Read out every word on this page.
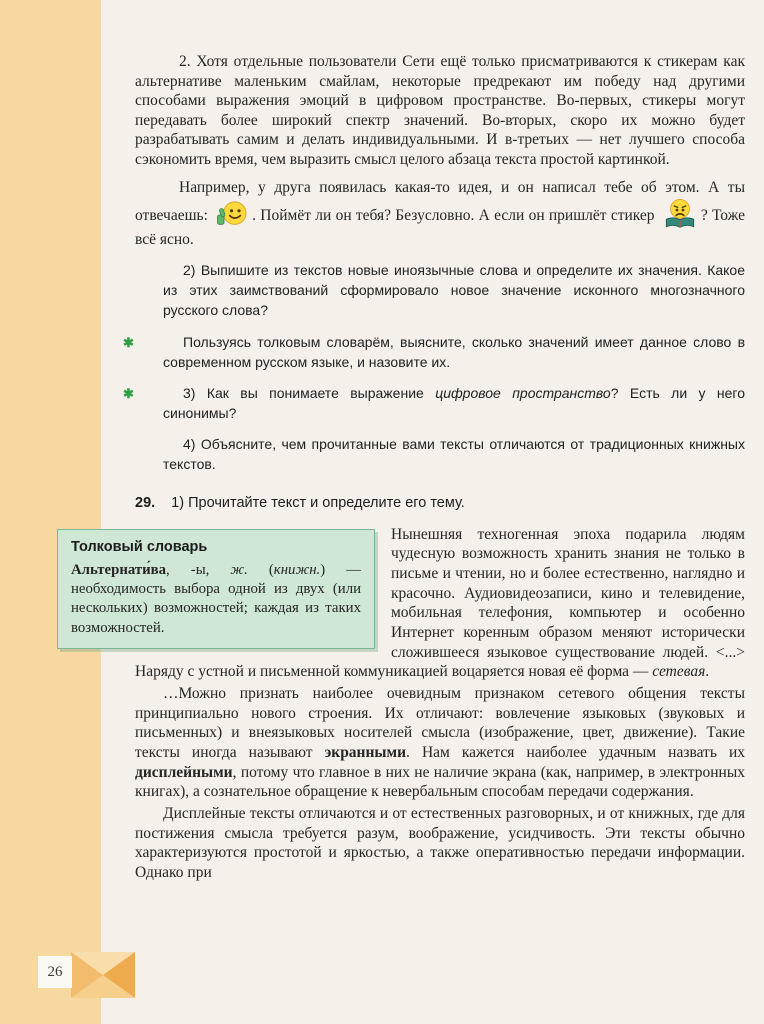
2. Хотя отдельные пользователи Сети ещё только присматриваются к стикерам как альтернативе маленьким смайлам, некоторые предрекают им победу над другими способами выражения эмоций в цифровом пространстве. Во-первых, стикеры могут передавать более широкий спектр значений. Во-вторых, скоро их можно будет разрабатывать самим и делать индивидуальными. И в-третьих — нет лучшего способа сэкономить время, чем выразить смысл целого абзаца текста простой картинкой.

Например, у друга появилась какая-то идея, и он написал тебе об этом. А ты отвечаешь:	. Поймёт ли он тебя? Безусловно. А если он пришлёт стикер	? Тоже всё ясно.

2) Выпишите из текстов новые иноязычные слова и определите их значения. Какое из этих заимствований сформировало новое значение исконного многозначного русского слова?

✱	Пользуясь толковым словарём, выясните, сколько значений имеет данное слово в современном русском языке, и назовите их.

✱	3) Как вы понимаете выражение цифровое пространство? Есть ли у него синонимы?

4) Объясните, чем прочитанные вами тексты отличаются от традиционных книжных текстов.

29. 1) Прочитайте текст и определите его тему.

Толковый словарь

Альтернати́ва, -ы, ж. (книжн.) — необходимость выбора одной из двух (или нескольких) возможностей; каждая из таких возможностей.

Нынешняя техногенная эпоха подарила людям чудесную возможность хранить знания не только в письме и чтении, но и более естественно, наглядно и красочно. Аудиовидеозаписи, кино и телевидение, мобильная телефония, компьютер и особенно Интернет коренным образом меняют исторически сложившееся языковое существование людей. <...> Наряду с устной и письменной коммуникацией воцаряется новая её форма — сетевая.

…Можно признать наиболее очевидным признаком сетевого общения тексты принципиально нового строения. Их отличают: вовлечение языковых (звуковых и письменных) и внеязыковых носителей смысла (изображение, цвет, движение). Такие тексты иногда называют экранными. Нам кажется наиболее удачным назвать их дисплейными, потому что главное в них не наличие экрана (как, например, в электронных книгах), а сознательное обращение к невербальным способам передачи содержания.

Дисплейные тексты отличаются и от естественных разговорных, и от книжных, где для постижения смысла требуется разум, воображение, усидчивость. Эти тексты обычно характеризуются простотой и яркостью, а также оперативностью передачи информации. Однако при

26
